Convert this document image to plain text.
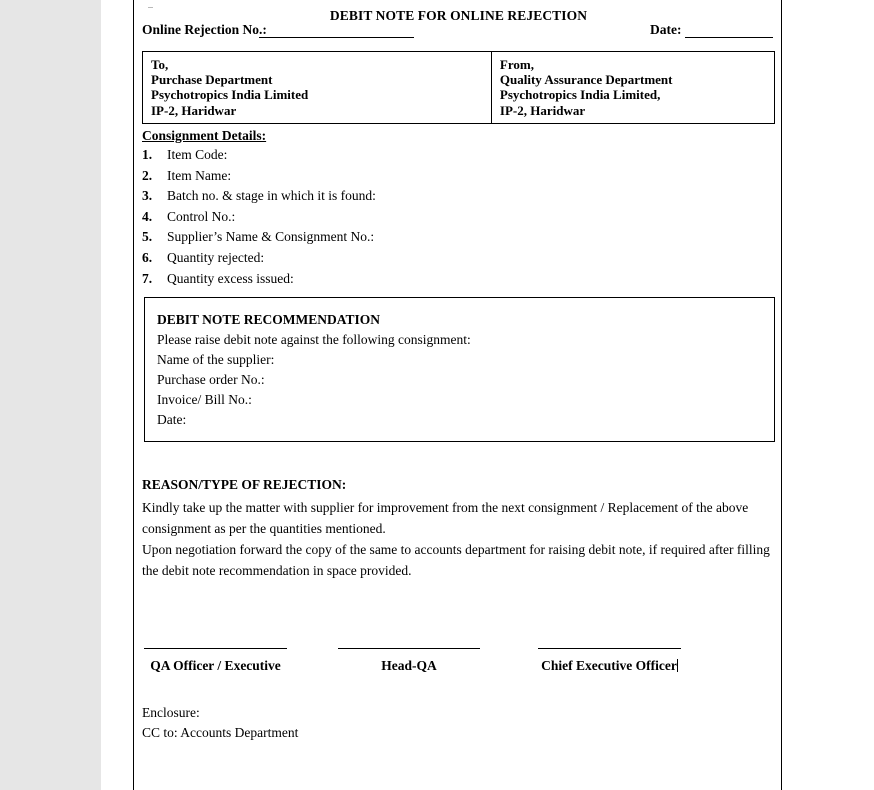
DEBIT NOTE FOR ONLINE REJECTION
Online Rejection No.:	Date:
To,
Purchase Department
Psychotropics India Limited
IP-2, Haridwar
From,
Quality Assurance Department
Psychotropics India Limited,
IP-2, Haridwar
Consignment Details:
1. Item Code:
2. Item Name:
3. Batch no. & stage in which it is found:
4. Control No.:
5. Supplier’s Name & Consignment No.:
6. Quantity rejected:
7. Quantity excess issued:
DEBIT NOTE RECOMMENDATION
Please raise debit note against the following consignment:
Name of the supplier:
Purchase order No.:
Invoice/ Bill No.:
Date:
REASON/TYPE OF REJECTION:
Kindly take up the matter with supplier for improvement from the next consignment / Replacement of the above consignment as per the quantities mentioned.
Upon negotiation forward the copy of the same to accounts department for raising debit note, if required after filling the debit note recommendation in space provided.
QA Officer / Executive	Head-QA	Chief Executive Officer
Enclosure:
CC to: Accounts Department
